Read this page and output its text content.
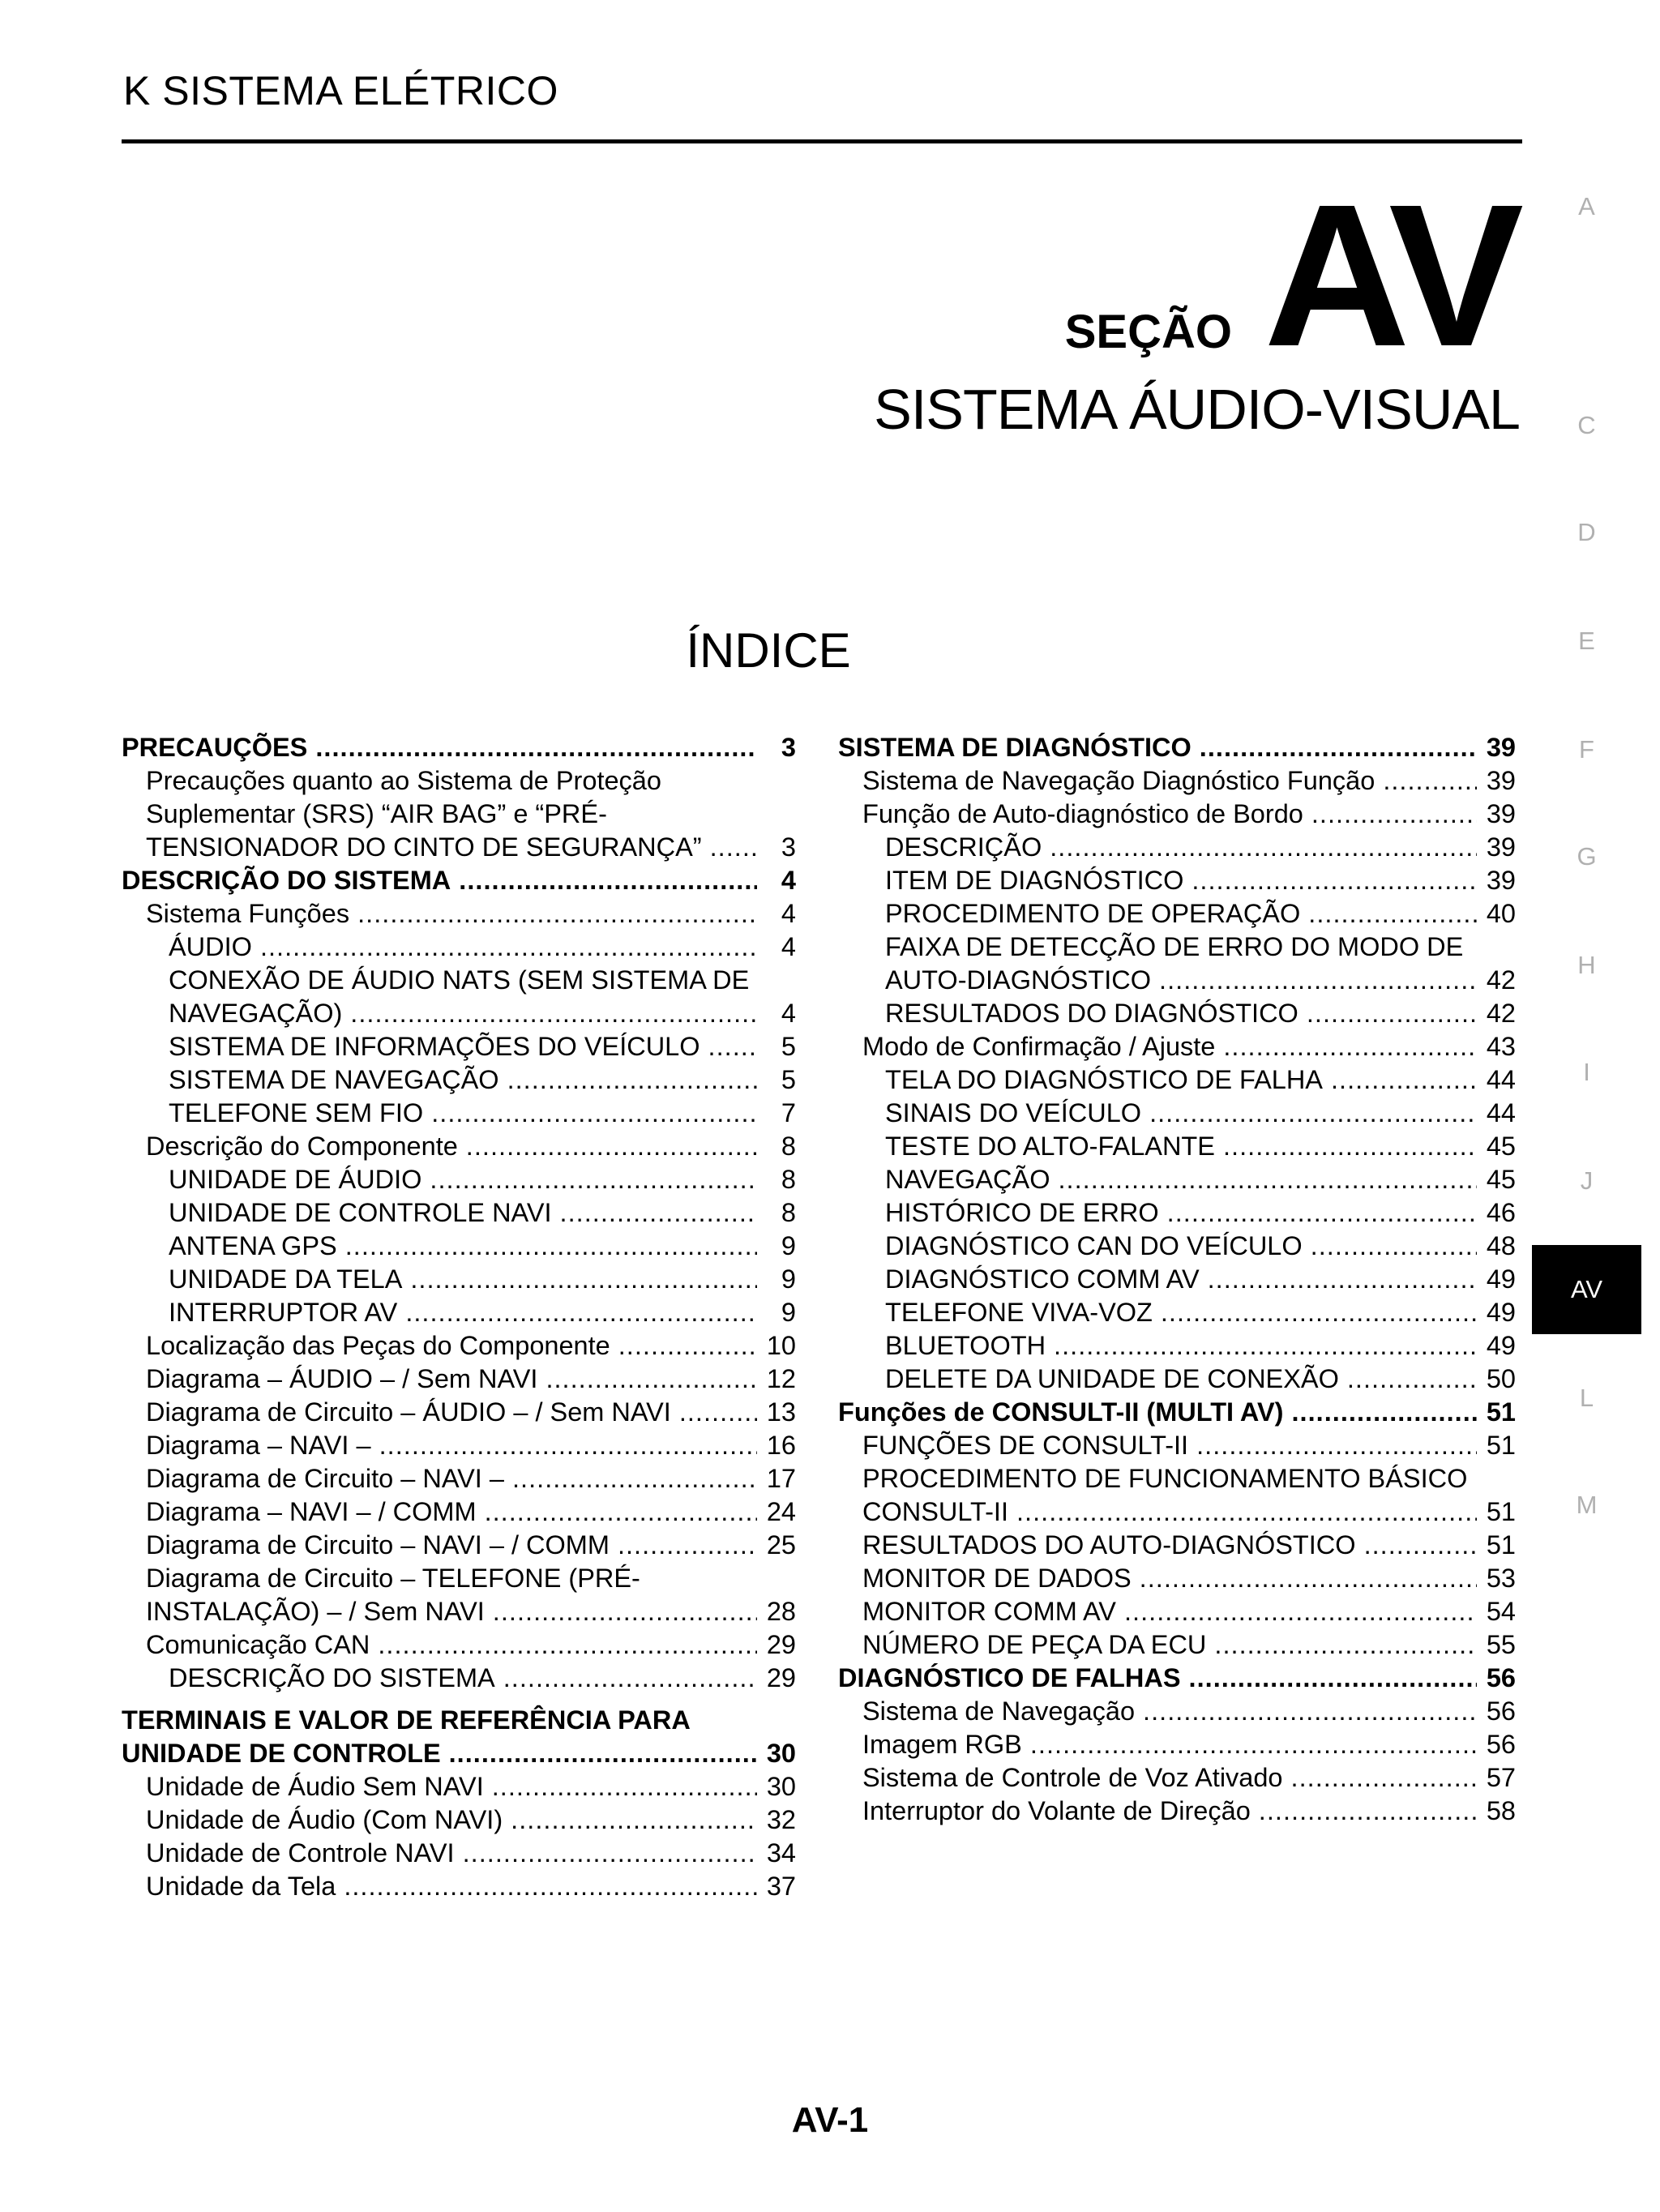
K SISTEMA ELÉTRICO
SEÇÃO AV
SISTEMA ÁUDIO-VISUAL
A
C
D
E
F
G
H
I
J
AV
L
M
ÍNDICE
PRECAUÇÕES . . .	3
Precauções quanto ao Sistema de Proteção
Suplementar (SRS) “AIR BAG” e “PRÉ-
TENSIONADOR DO CINTO DE SEGURANÇA” . . .	3
DESCRIÇÃO DO SISTEMA . . .	4
Sistema Funções . . .	4
ÁUDIO . . .	4
CONEXÃO DE ÁUDIO NATS (SEM SISTEMA DE
NAVEGAÇÃO) . . .	4
SISTEMA DE INFORMAÇÕES DO VEÍCULO . . .	5
SISTEMA DE NAVEGAÇÃO . . .	5
TELEFONE SEM FIO . . .	7
Descrição do Componente . . .	8
UNIDADE DE ÁUDIO . . .	8
UNIDADE DE CONTROLE NAVI . . .	8
ANTENA GPS . . .	9
UNIDADE DA TELA . . .	9
INTERRUPTOR AV . . .	9
Localização das Peças do Componente . . .	10
Diagrama – ÁUDIO – / Sem NAVI . . .	12
Diagrama de Circuito – ÁUDIO – / Sem NAVI . . .	13
Diagrama – NAVI – . . .	16
Diagrama de Circuito – NAVI – . . .	17
Diagrama – NAVI – / COMM . . .	24
Diagrama de Circuito – NAVI – / COMM . . .	25
Diagrama de Circuito – TELEFONE (PRÉ-
INSTALAÇÃO) – / Sem NAVI . . .	28
Comunicação CAN . . .	29
DESCRIÇÃO DO SISTEMA . . .	29
TERMINAIS E VALOR DE REFERÊNCIA PARA
UNIDADE DE CONTROLE . . .	30
Unidade de Áudio Sem NAVI . . .	30
Unidade de Áudio (Com NAVI) . . .	32
Unidade de Controle NAVI . . .	34
Unidade da Tela . . .	37
SISTEMA DE DIAGNÓSTICO . . .	39
Sistema de Navegação Diagnóstico Função . . .	39
Função de Auto-diagnóstico de Bordo . . .	39
DESCRIÇÃO . . .	39
ITEM DE DIAGNÓSTICO . . .	39
PROCEDIMENTO DE OPERAÇÃO . . .	40
FAIXA DE DETECÇÃO DE ERRO DO MODO DE
AUTO-DIAGNÓSTICO . . .	42
RESULTADOS DO DIAGNÓSTICO . . .	42
Modo de Confirmação / Ajuste . . .	43
TELA DO DIAGNÓSTICO DE FALHA . . .	44
SINAIS DO VEÍCULO . . .	44
TESTE DO ALTO-FALANTE . . .	45
NAVEGAÇÃO . . .	45
HISTÓRICO DE ERRO . . .	46
DIAGNÓSTICO CAN DO VEÍCULO . . .	48
DIAGNÓSTICO COMM AV . . .	49
TELEFONE VIVA-VOZ . . .	49
BLUETOOTH . . .	49
DELETE DA UNIDADE DE CONEXÃO . . .	50
Funções de CONSULT-II (MULTI AV) . . .	51
FUNÇÕES DE CONSULT-II . . .	51
PROCEDIMENTO DE FUNCIONAMENTO BÁSICO
CONSULT-II . . .	51
RESULTADOS DO AUTO-DIAGNÓSTICO . . .	51
MONITOR DE DADOS . . .	53
MONITOR COMM AV . . .	54
NÚMERO DE PEÇA DA ECU . . .	55
DIAGNÓSTICO DE FALHAS . . .	56
Sistema de Navegação . . .	56
Imagem RGB . . .	56
Sistema de Controle de Voz Ativado . . .	57
Interruptor do Volante de Direção . . .	58
AV-1
